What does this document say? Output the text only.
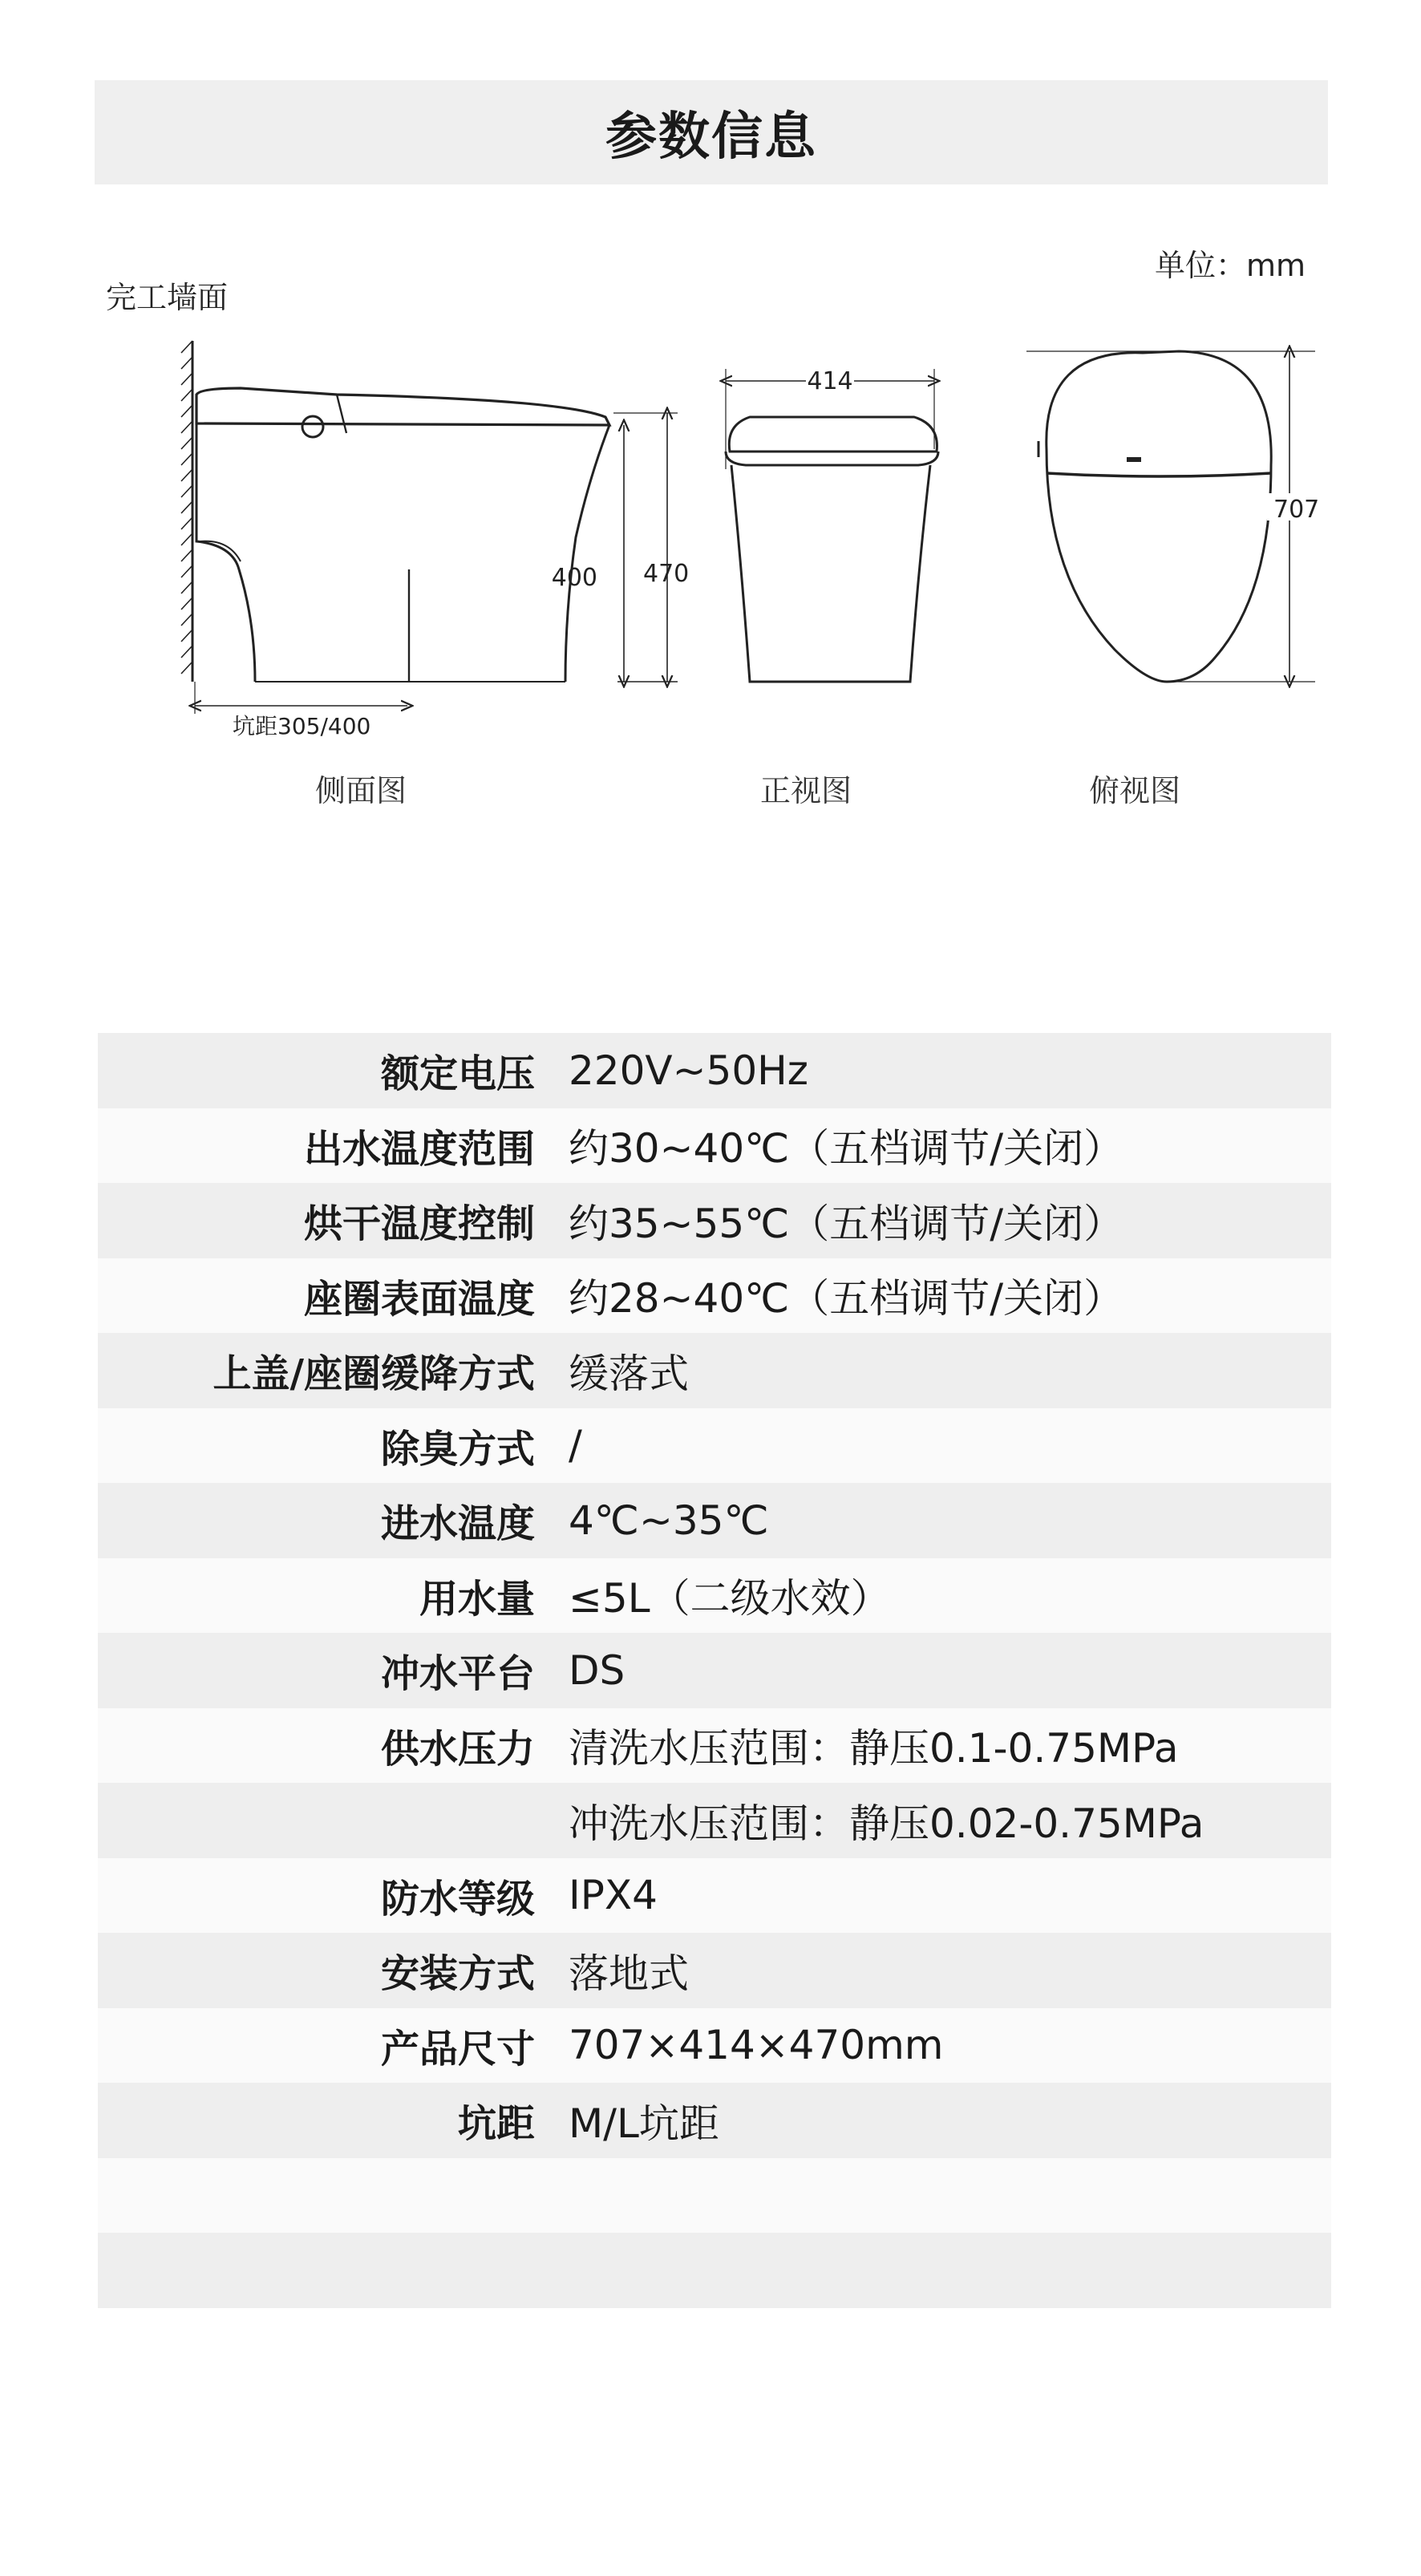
参数信息
单位：mm
完工墙面
470
400
坑距305/400
414
707
侧面图	正视图	俯视图
额定电压 220V~50Hz
出水温度范围 约30~40℃（五档调节/关闭）
烘干温度控制 约35~55℃（五档调节/关闭）
座圈表面温度 约28~40℃（五档调节/关闭）
上盖/座圈缓降方式 缓落式
除臭方式 /
进水温度 4℃~35℃
用水量 ≤5L（二级水效）
冲水平台 DS
供水压力 清洗水压范围：静压0.1-0.75MPa
冲洗水压范围：静压0.02-0.75MPa
防水等级 IPX4
安装方式 落地式
产品尺寸 707×414×470mm
坑距 M/L坑距
